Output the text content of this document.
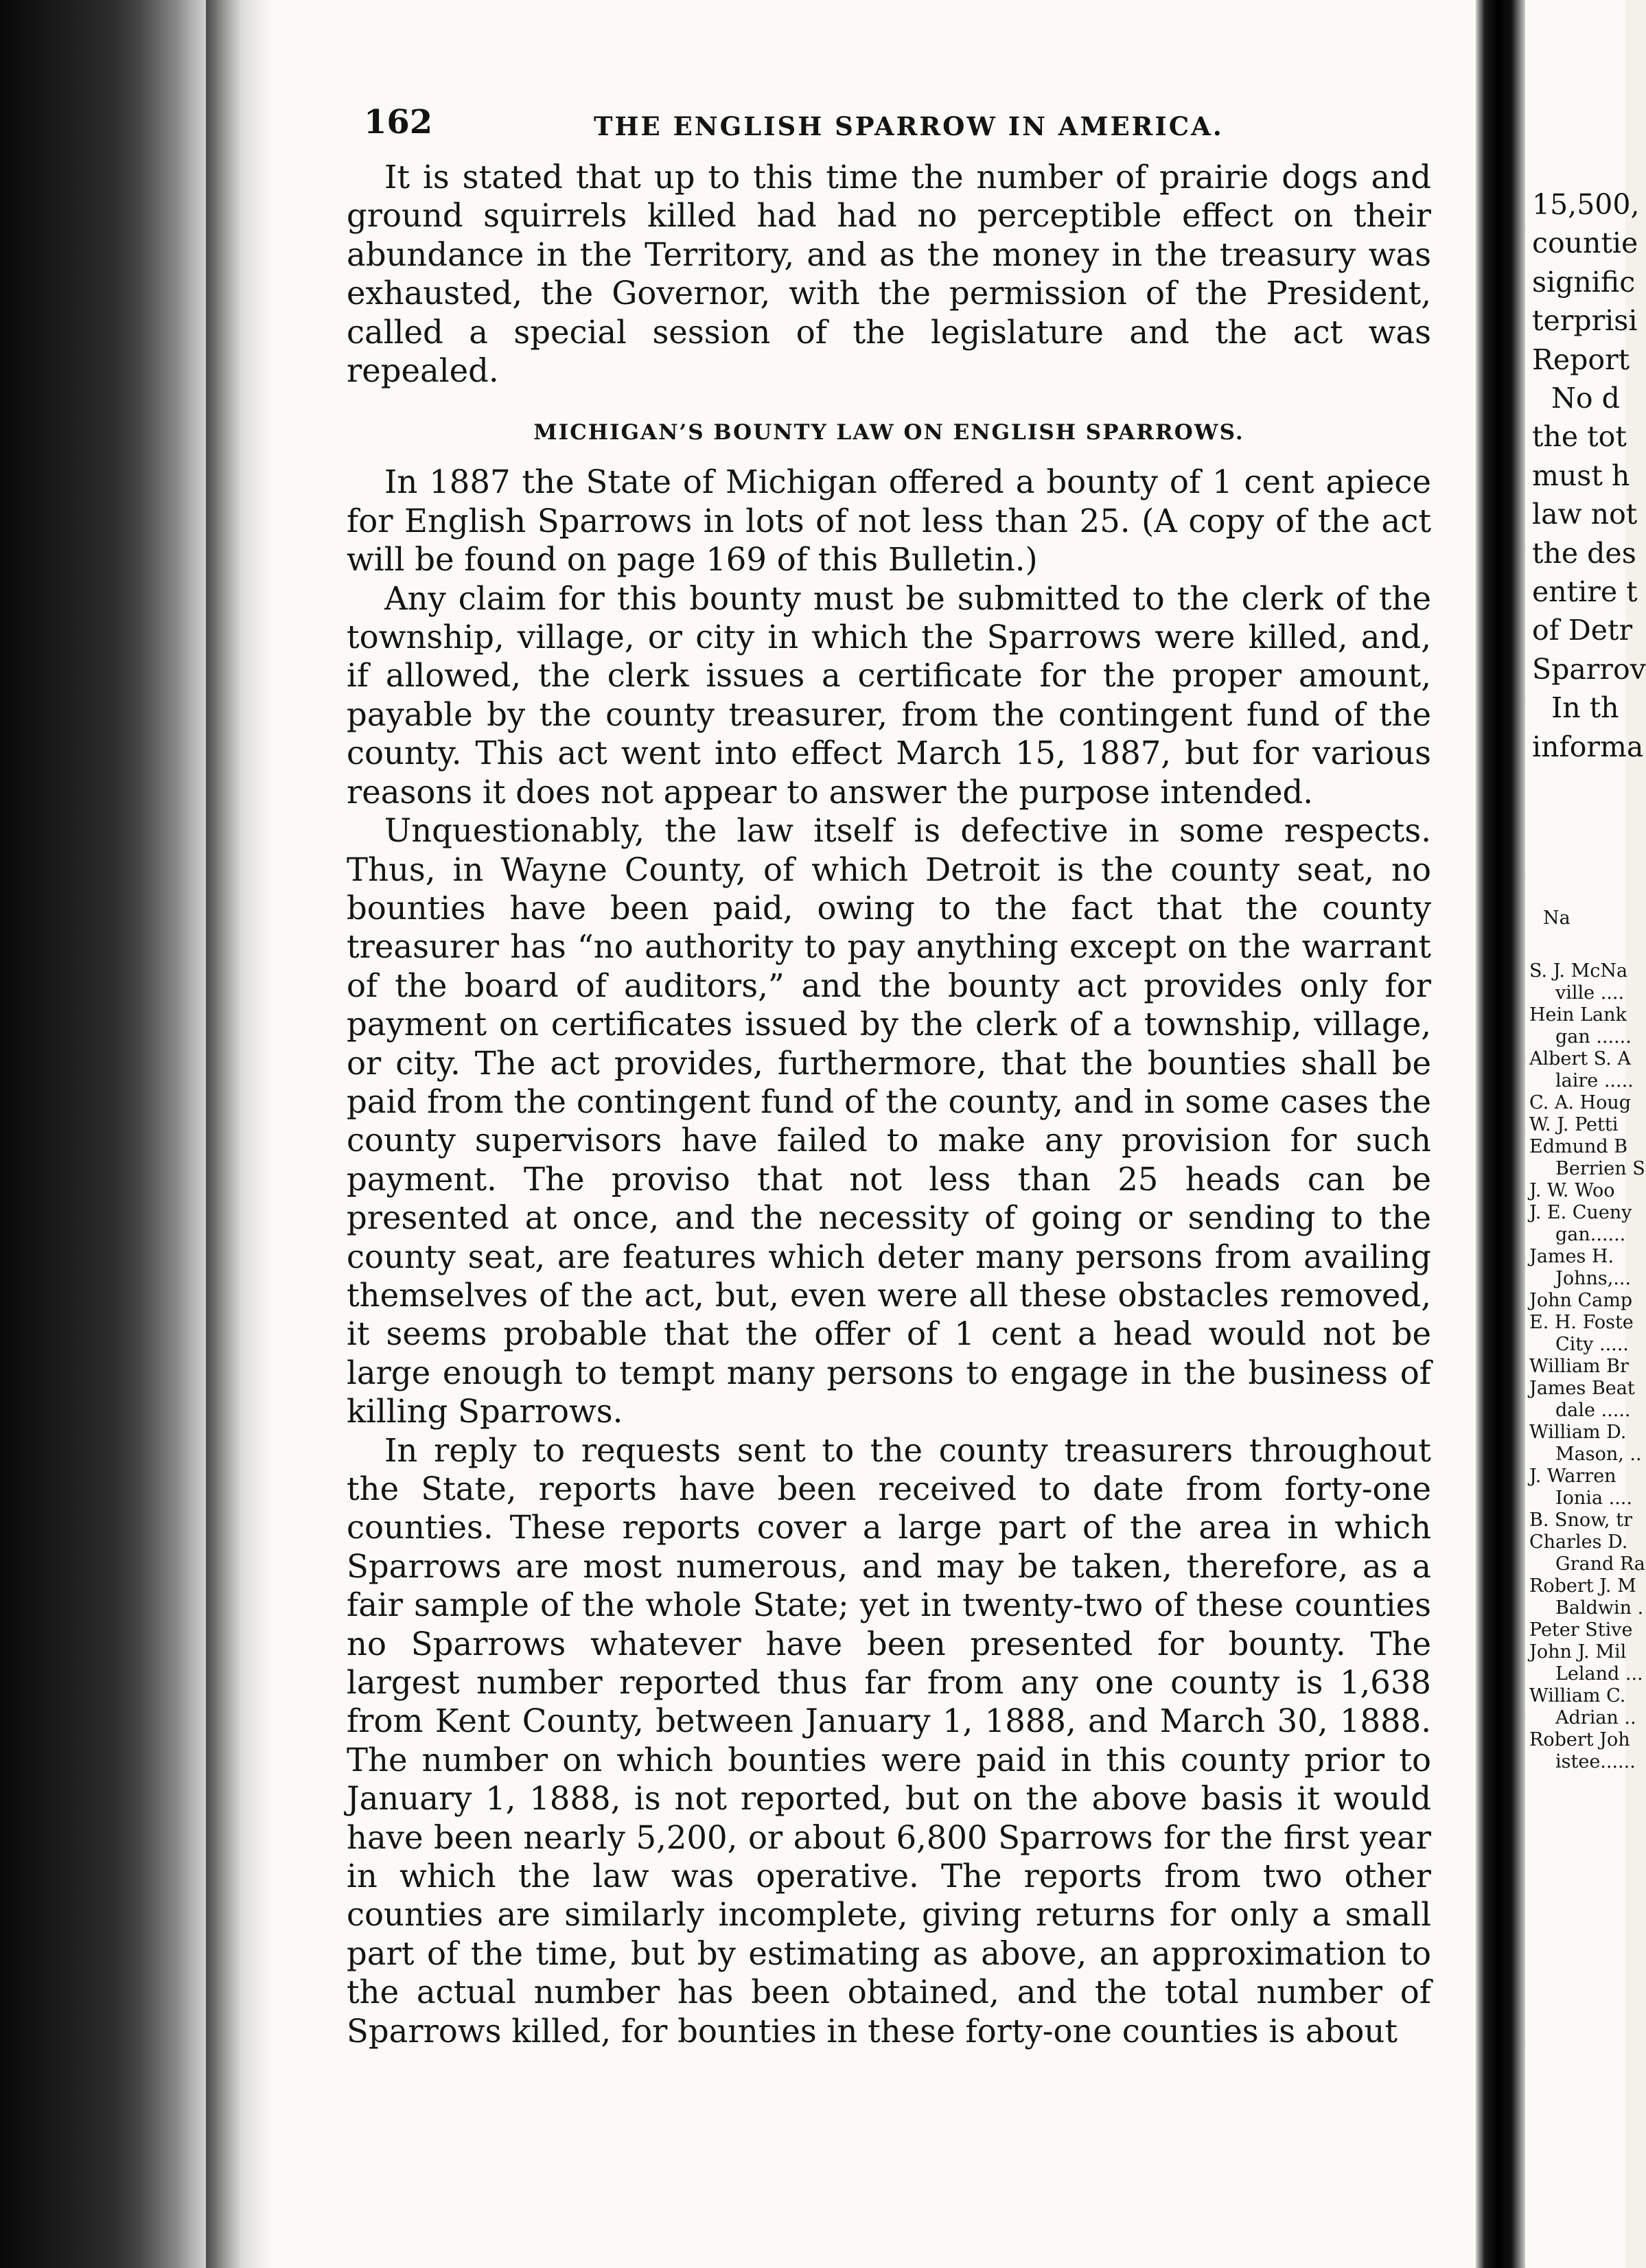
162	THE ENGLISH SPARROW IN AMERICA.

It is stated that up to this time the number of prairie dogs and ground squirrels killed had had no perceptible effect on their abundance in the Territory, and as the money in the treasury was exhausted, the Governor, with the permission of the President, called a special session of the legislature and the act was repealed.

MICHIGAN’S BOUNTY LAW ON ENGLISH SPARROWS.

In 1887 the State of Michigan offered a bounty of 1 cent apiece for English Sparrows in lots of not less than 25. (A copy of the act will be found on page 169 of this Bulletin.)

Any claim for this bounty must be submitted to the clerk of the township, village, or city in which the Sparrows were killed, and, if allowed, the clerk issues a certificate for the proper amount, payable by the county treasurer, from the contingent fund of the county. This act went into effect March 15, 1887, but for various reasons it does not appear to answer the purpose intended.

Unquestionably, the law itself is defective in some respects. Thus, in Wayne County, of which Detroit is the county seat, no bounties have been paid, owing to the fact that the county treasurer has “no authority to pay anything except on the warrant of the board of auditors,” and the bounty act provides only for payment on certificates issued by the clerk of a township, village, or city. The act provides, furthermore, that the bounties shall be paid from the contingent fund of the county, and in some cases the county supervisors have failed to make any provision for such payment. The proviso that not less than 25 heads can be presented at once, and the necessity of going or sending to the county seat, are features which deter many persons from availing themselves of the act, but, even were all these obstacles removed, it seems probable that the offer of 1 cent a head would not be large enough to tempt many persons to engage in the business of killing Sparrows.

In reply to requests sent to the county treasurers throughout the State, reports have been received to date from forty-one counties. These reports cover a large part of the area in which Sparrows are most numerous, and may be taken, therefore, as a fair sample of the whole State; yet in twenty-two of these counties no Sparrows whatever have been presented for bounty. The largest number reported thus far from any one county is 1,638 from Kent County, between January 1, 1888, and March 30, 1888. The number on which bounties were paid in this county prior to January 1, 1888, is not reported, but on the above basis it would have been nearly 5,200, or about 6,800 Sparrows for the first year in which the law was operative. The reports from two other counties are similarly incomplete, giving returns for only a small part of the time, but by estimating as above, an approximation to the actual number has been obtained, and the total number of Sparrows killed, for bounties in these forty-one counties is about

15,500,
countie
signific
terprisi
Report
No d
the tot
must h
law not
the des
entire t
of Detr
Sparrov
In th
informa
Na
S. J. McNa
ville ....
Hein Lank
gan ......
Albert S. A
laire .....
C. A. Houg
W. J. Petti
Edmund B
Berrien S
J. W. Woo
J. E. Cueny
gan......
James H.
Johns,...
John Camp
E. H. Foste
City .....
William Br
James Beat
dale .....
William D.
Mason, ..
J. Warren
Ionia ....
B. Snow, tr
Charles D.
Grand Ra
Robert J. M
Baldwin .
Peter Stive
John J. Mil
Leland ...
William C.
Adrian ..
Robert Joh
istee......
